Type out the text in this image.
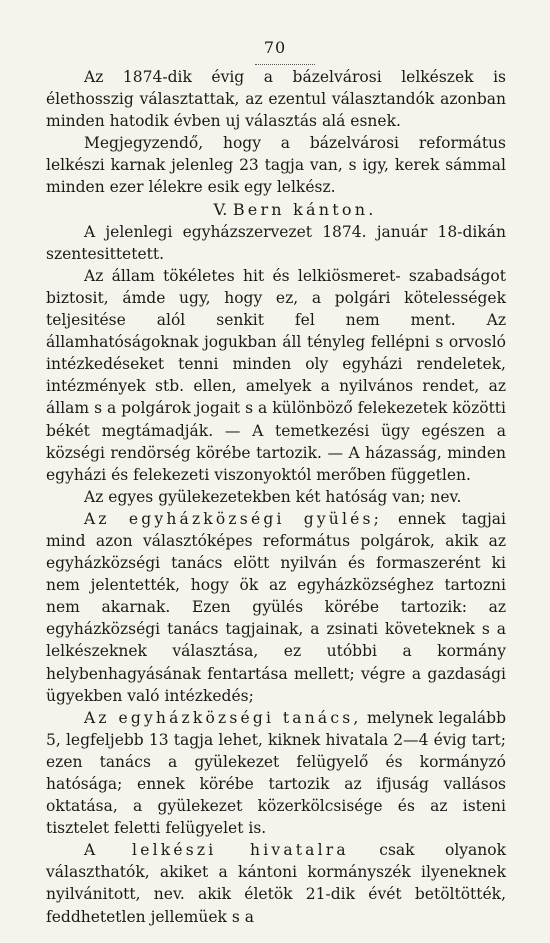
70

Az 1874-dik évig a bázelvárosi lelkészek is élethosszig választattak, az ezentul választandók azonban minden hatodik évben uj választás alá esnek.

Megjegyzendő, hogy a bázelvárosi református lelkészi karnak jelenleg 23 tagja van, s igy, kerek sámmal minden ezer lélekre esik egy lelkész.

V. Bern kánton.

A jelenlegi egyházszervezet 1874. január 18-dikán szentesittetett.

Az állam tökéletes hit és lelkiösmeret- szabadságot biztosit, ámde ugy, hogy ez, a polgári kötelességek teljesitése alól senkit fel nem ment. Az államhatóságoknak jogukban áll tényleg fellépni s orvosló intézkedéseket tenni minden oly egyházi rendeletek, intézmények stb. ellen, amelyek a nyilvános rendet, az állam s a polgárok jogait s a különböző felekezetek közötti békét megtámadják. — A temetkezési ügy egészen a községi rendörség körébe tartozik. — A házasság, minden egyházi és felekezeti viszonyoktól merőben független.

Az egyes gyülekezetekben két hatóság van; nev.

Az egyházközségi gyülés; ennek tagjai mind azon választóképes református polgárok, akik az egyházközségi tanács elött nyilván és formaszerént ki nem jelentették, hogy ök az egyházközséghez tartozni nem akarnak. Ezen gyülés körébe tartozik: az egyházközségi tanács tagjainak, a zsinati követeknek s a lelkészeknek választása, ez utóbbi a kormány helybenhagyásának fentartása mellett; végre a gazdasági ügyekben való intézkedés;

Az egyházközségi tanács, melynek legalább 5, legfeljebb 13 tagja lehet, kiknek hivatala 2—4 évig tart; ezen tanács a gyülekezet felügyelő és kormányzó hatósága; ennek körébe tartozik az ifjuság vallásos oktatása, a gyülekezet közerkölcsisége és az isteni tisztelet feletti felügyelet is.

A lelkészi hivatalra csak olyanok választhatók, akiket a kántoni kormányszék ilyeneknek nyilvánitott, nev. akik életök 21-dik évét betöltötték, feddhetetlen jellemüek s a
